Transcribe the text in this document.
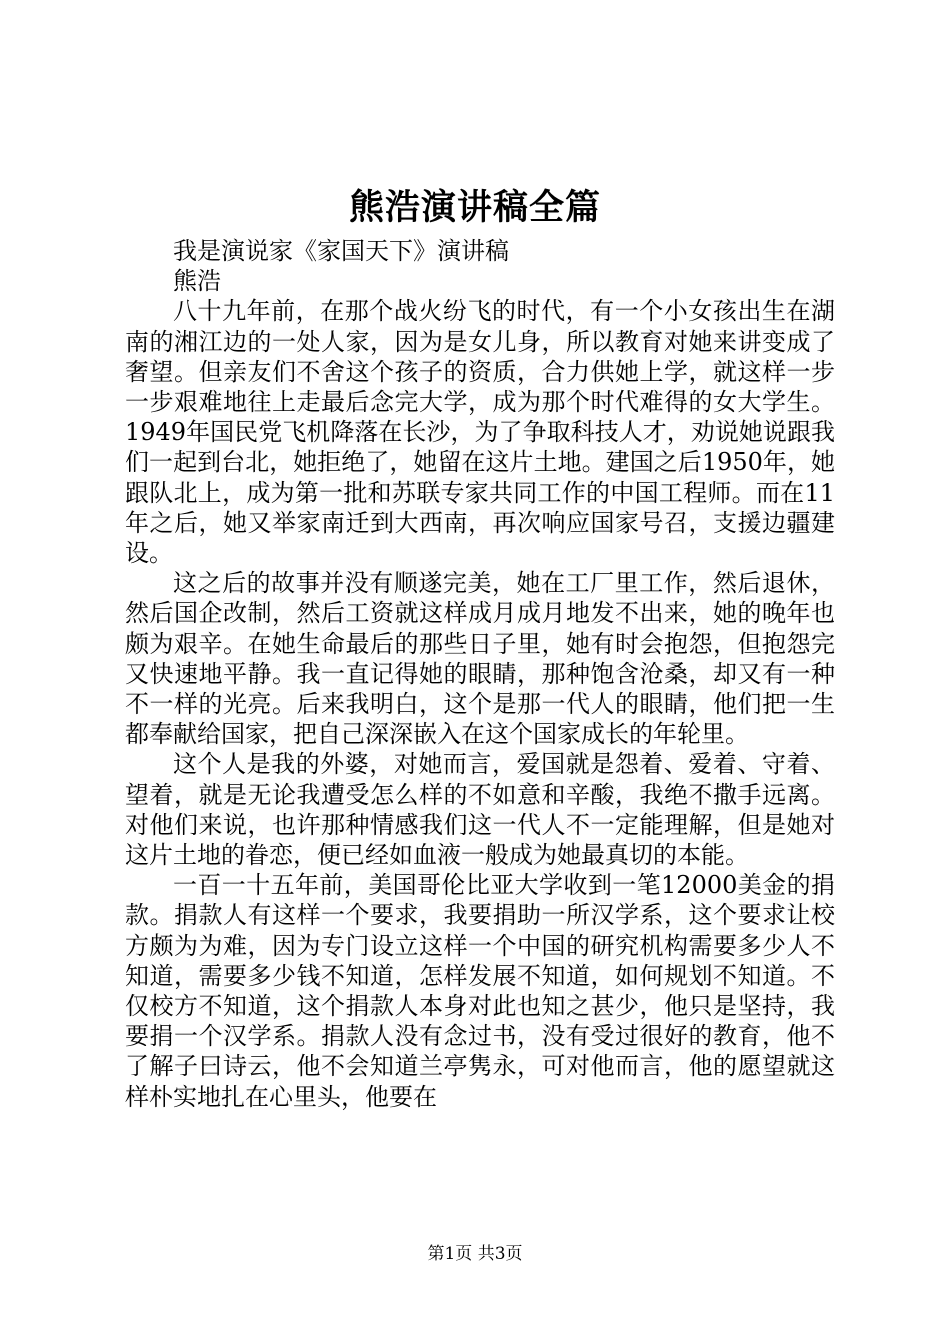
熊浩演讲稿全篇

我是演说家《家国天下》演讲稿

熊浩

八十九年前，在那个战火纷飞的时代，有一个小女孩出生在湖南的湘江边的一处人家，因为是女儿身，所以教育对她来讲变成了奢望。但亲友们不舍这个孩子的资质，合力供她上学，就这样一步一步艰难地往上走最后念完大学，成为那个时代难得的女大学生。1949年国民党飞机降落在长沙，为了争取科技人才，劝说她说跟我们一起到台北，她拒绝了，她留在这片土地。建国之后1950年，她跟队北上，成为第一批和苏联专家共同工作的中国工程师。而在11年之后，她又举家南迁到大西南，再次响应国家号召，支援边疆建设。

这之后的故事并没有顺遂完美，她在工厂里工作，然后退休，然后国企改制，然后工资就这样成月成月地发不出来，她的晚年也颇为艰辛。在她生命最后的那些日子里，她有时会抱怨，但抱怨完又快速地平静。我一直记得她的眼睛，那种饱含沧桑，却又有一种不一样的光亮。后来我明白，这个是那一代人的眼睛，他们把一生都奉献给国家，把自己深深嵌入在这个国家成长的年轮里。

这个人是我的外婆，对她而言，爱国就是怨着、爱着、守着、望着，就是无论我遭受怎么样的不如意和辛酸，我绝不撒手远离。对他们来说，也许那种情感我们这一代人不一定能理解，但是她对这片土地的眷恋，便已经如血液一般成为她最真切的本能。

一百一十五年前，美国哥伦比亚大学收到一笔12000美金的捐款。捐款人有这样一个要求，我要捐助一所汉学系，这个要求让校方颇为为难，因为专门设立这样一个中国的研究机构需要多少人不知道，需要多少钱不知道，怎样发展不知道，如何规划不知道。不仅校方不知道，这个捐款人本身对此也知之甚少，他只是坚持，我要捐一个汉学系。捐款人没有念过书，没有受过很好的教育，他不了解子曰诗云，他不会知道兰亭隽永，可对他而言，他的愿望就这样朴实地扎在心里头，他要在

第1页 共3页
